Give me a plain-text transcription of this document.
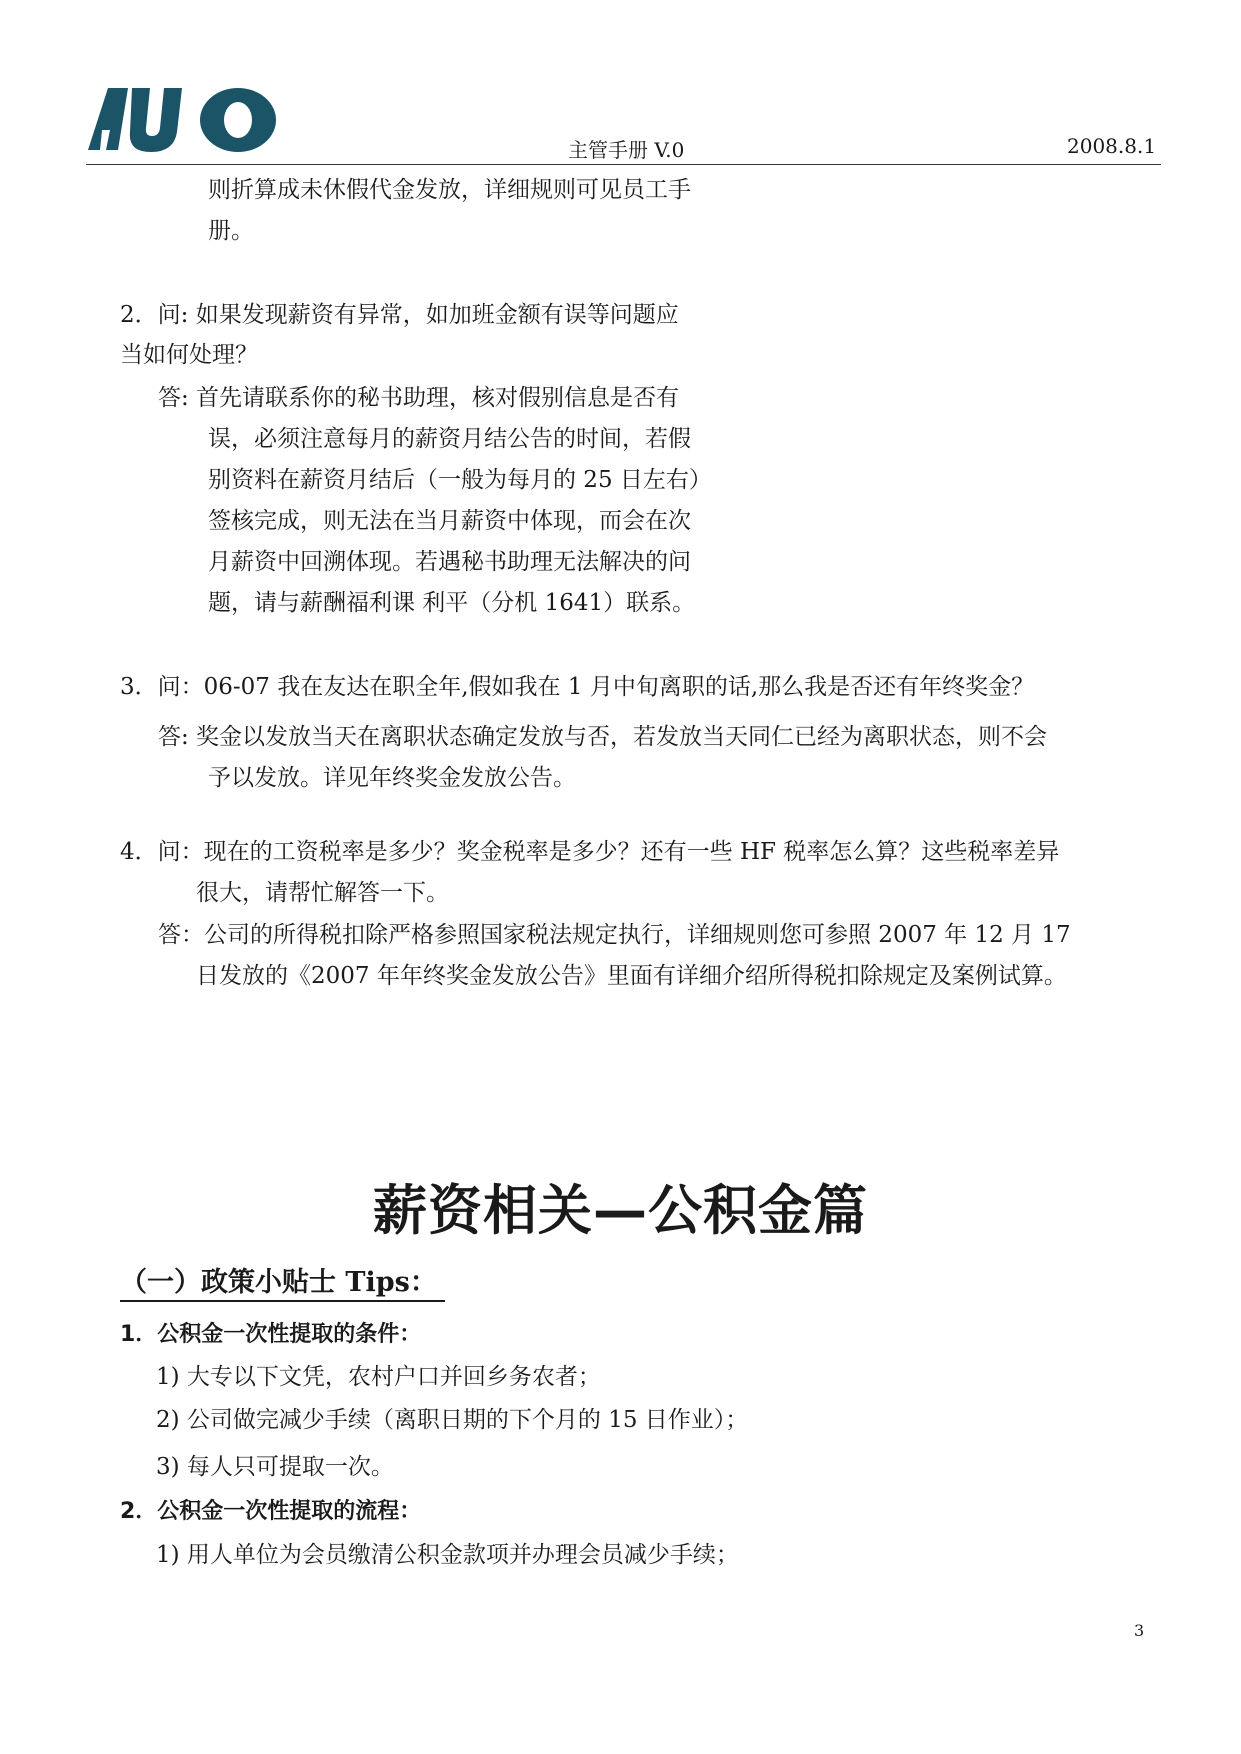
主管手册 V.0	2008.8.1
则折算成未休假代金发放，详细规则可见员工手
册。
2．问: 如果发现薪资有异常，如加班金额有误等问题应
当如何处理？
答: 首先请联系你的秘书助理，核对假别信息是否有
误，必须注意每月的薪资月结公告的时间，若假
别资料在薪资月结后（一般为每月的 25 日左右）
签核完成，则无法在当月薪资中体现，而会在次
月薪资中回溯体现。若遇秘书助理无法解决的问
题，请与薪酬福利课 利平（分机 1641）联系。
3．问：06-07 我在友达在职全年,假如我在 1 月中旬离职的话,那么我是否还有年终奖金？
答: 奖金以发放当天在离职状态确定发放与否，若发放当天同仁已经为离职状态，则不会
予以发放。详见年终奖金发放公告。
4．问：现在的工资税率是多少？奖金税率是多少？还有一些 HF 税率怎么算？这些税率差异
很大，请帮忙解答一下。
答：公司的所得税扣除严格参照国家税法规定执行，详细规则您可参照 2007 年 12 月 17
日发放的《2007 年年终奖金发放公告》里面有详细介绍所得税扣除规定及案例试算。
薪资相关—公积金篇
（一）政策小贴士 Tips：
1．公积金一次性提取的条件：
1) 大专以下文凭，农村户口并回乡务农者；
2) 公司做完减少手续（离职日期的下个月的 15 日作业）；
3) 每人只可提取一次。
2．公积金一次性提取的流程：
1) 用人单位为会员缴清公积金款项并办理会员减少手续；
3
